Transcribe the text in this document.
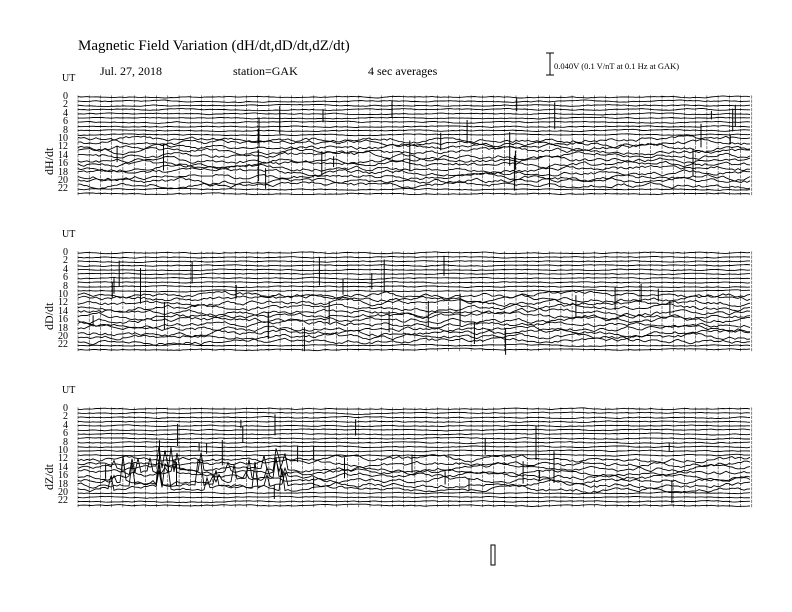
Magnetic Field Variation (dH/dt,dD/dt,dZ/dt)
Jul. 27, 2018	station=GAK	4 sec averages	0.040V (0.1 V/nT at 0.1 Hz at GAK)
UT
dH/dt
0
2
4
6
8
10
12
14
16
18
20
22
UT
dD/dt
0
2
4
6
8
10
12
14
16
18
20
22
UT
dZ/dt
0
2
4
6
8
10
12
14
16
18
20
22
